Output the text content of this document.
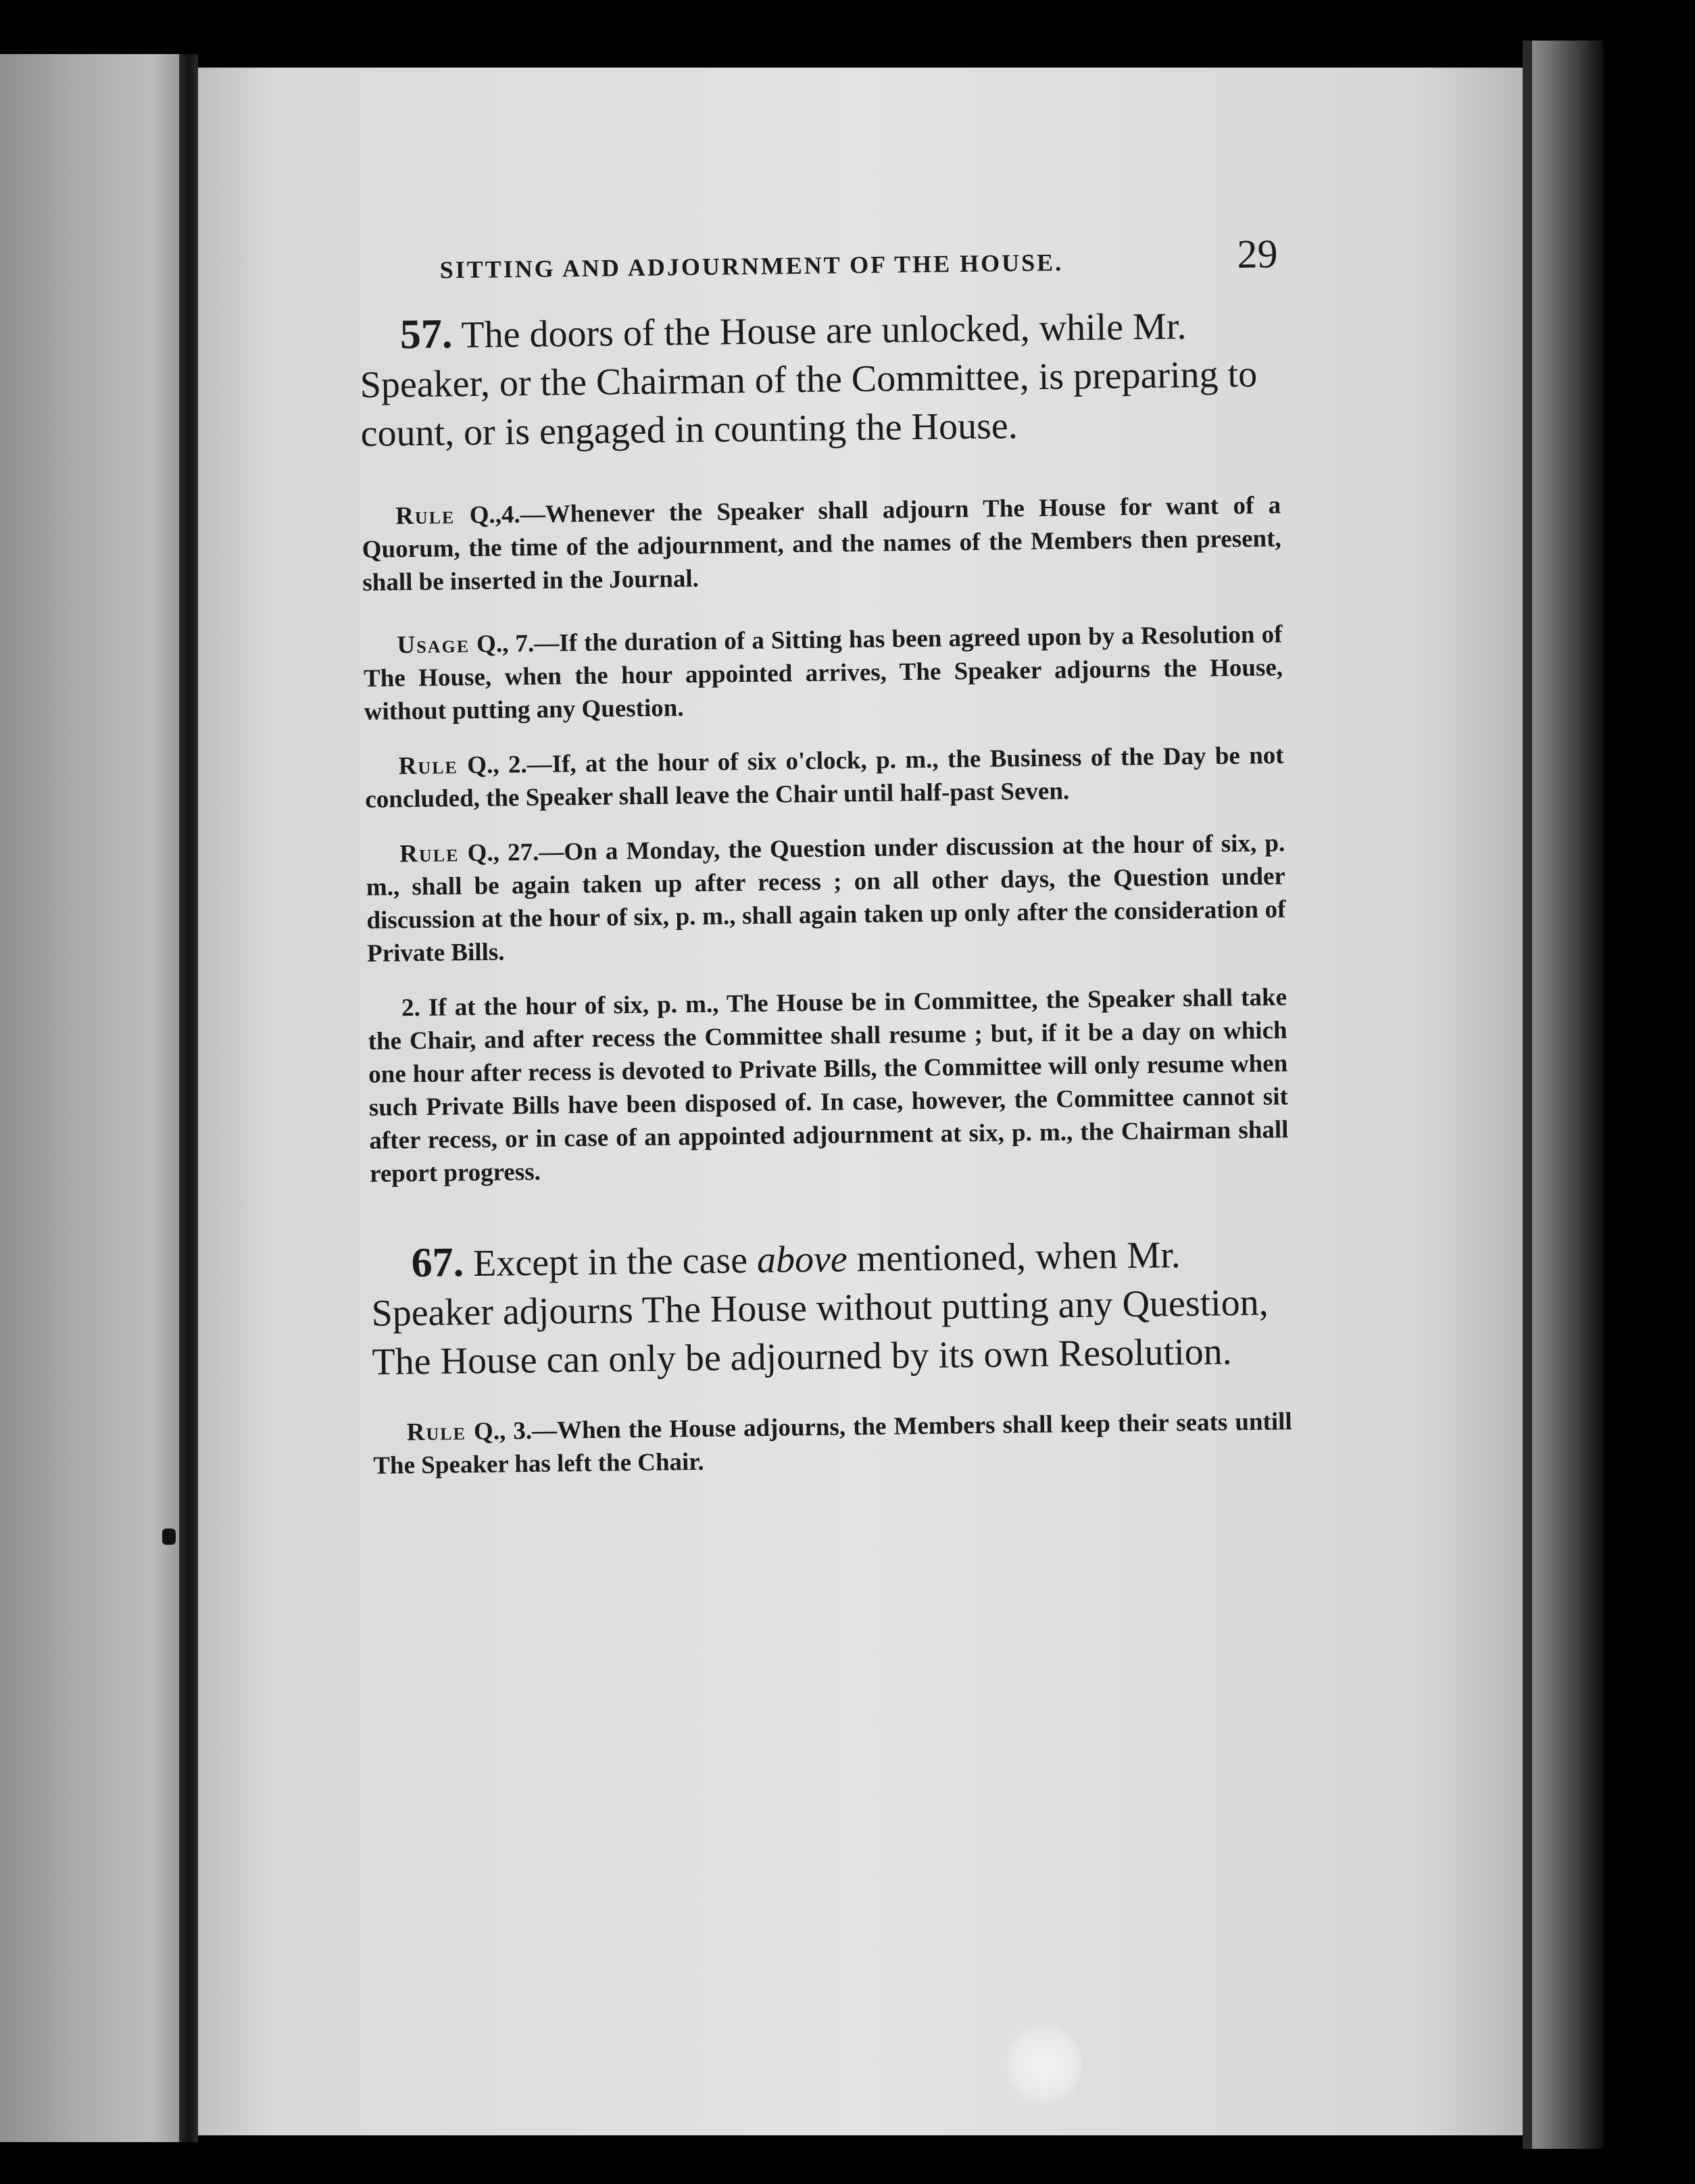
SITTING AND ADJOURNMENT OF THE HOUSE.	29

57. The doors of the House are unlocked, while Mr. Speaker, or the Chairman of the Committee, is preparing to count, or is engaged in counting the House.

Rule Q.,4.—Whenever the Speaker shall adjourn The House for want of a Quorum, the time of the adjournment, and the names of the Members then present, shall be inserted in the Journal.

Usage Q., 7.—If the duration of a Sitting has been agreed upon by a Resolution of The House, when the hour appointed arrives, The Speaker adjourns the House, without putting any Question.

Rule Q., 2.—If, at the hour of six o'clock, p. m., the Business of the Day be not concluded, the Speaker shall leave the Chair until half-past Seven.

Rule Q., 27.—On a Monday, the Question under discussion at the hour of six, p. m., shall be again taken up after recess ; on all other days, the Question under discussion at the hour of six, p. m., shall again taken up only after the consideration of Private Bills.

2. If at the hour of six, p. m., The House be in Committee, the Speaker shall take the Chair, and after recess the Committee shall resume ; but, if it be a day on which one hour after recess is devoted to Private Bills, the Committee will only resume when such Private Bills have been disposed of. In case, however, the Committee cannot sit after recess, or in case of an appointed adjournment at six, p. m., the Chairman shall report progress.

67. Except in the case above mentioned, when Mr. Speaker adjourns The House without putting any Question, The House can only be adjourned by its own Resolution.

Rule Q., 3.—When the House adjourns, the Members shall keep their seats untill The Speaker has left the Chair.
